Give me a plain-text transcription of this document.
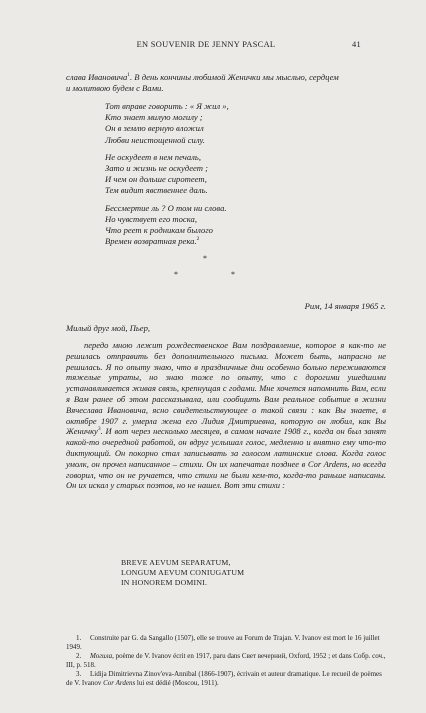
EN SOUVENIR DE JENNY PASCAL	41
слава Ивановича$^1$. В день кончины любимой Женички мы мыслью, сердцем
и молитвою будем с Вами.
Тот вправе говорить : « Я жил »,
Кто знает милую могилу ;
Он в землю верную вложил
Любви неистощенной силу.
Не оскудеет в нем печаль,
Зато и жизнь не оскудеет ;
И чем он дольше сиротеет,
Тем видит явственнее даль.
Бессмертие ль ? О том ни слова.
Но чувствует его тоска,
Что реет к родникам былого
Времен возвратная река.$^2$
*
*	*
Рим, 14 января 1965 г.
Милый друг мой, Пьер,
передо мною лежит рождественское Вам поздравление, которое я как-то не решилась отправить без дополнительного письма. Может быть, напрасно не решилась. Я по опыту знаю, что в праздничные дни особенно больно переживаются тяжелые утраты, но знаю тоже по опыту, что с дорогими ушедшими устанавливается живая связь, крепнущая с годами. Мне хочется напомнить Вам, если я Вам ранее об этом рассказывала, или сообщить Вам реальное событие в жизни Вячеслава Ивановича, ясно свидетельствующее о такой связи : как Вы знаете, в октябре 1907 г. умерла жена его Лидия Дмитриевна, которую он любил, как Вы Женичку$^3$. И вот через несколько месяцев, в самом начале 1908 г., когда он был занят какой-то очередной работой, он вдруг услышал голос, медленно и внятно ему что-то диктующий. Он покорно стал записывать за голосом латинские слова. Когда голос умолк, он прочел написанное – стихи. Он их напечатал позднее в Cor Ardens, но всегда говорил, что он не ручается, что стихи не были кем-то, когда-то раньше написаны. Он их искал у старых поэтов, но не нашел. Вот эти стихи :
BREVE AEVUM SEPARATUM,
LONGUM AEVUM CONIUGATUM
IN HONOREM DOMINI.
1. Construite par G. da Sangallo (1507), elle se trouve au Forum de Trajan. V. Ivanov est mort le 16 juillet 1949.
2. Могила, poème de V. Ivanov écrit en 1917, paru dans Свет вечерний, Oxford, 1952 ; et dans Собр. соч., III, p. 518.
3. Lidija Dimitrievna Zinov'eva-Annibal (1866-1907), écrivain et auteur dramatique. Le recueil de poèmes de V. Ivanov Cor Ardens lui est dédié (Moscou, 1911).
